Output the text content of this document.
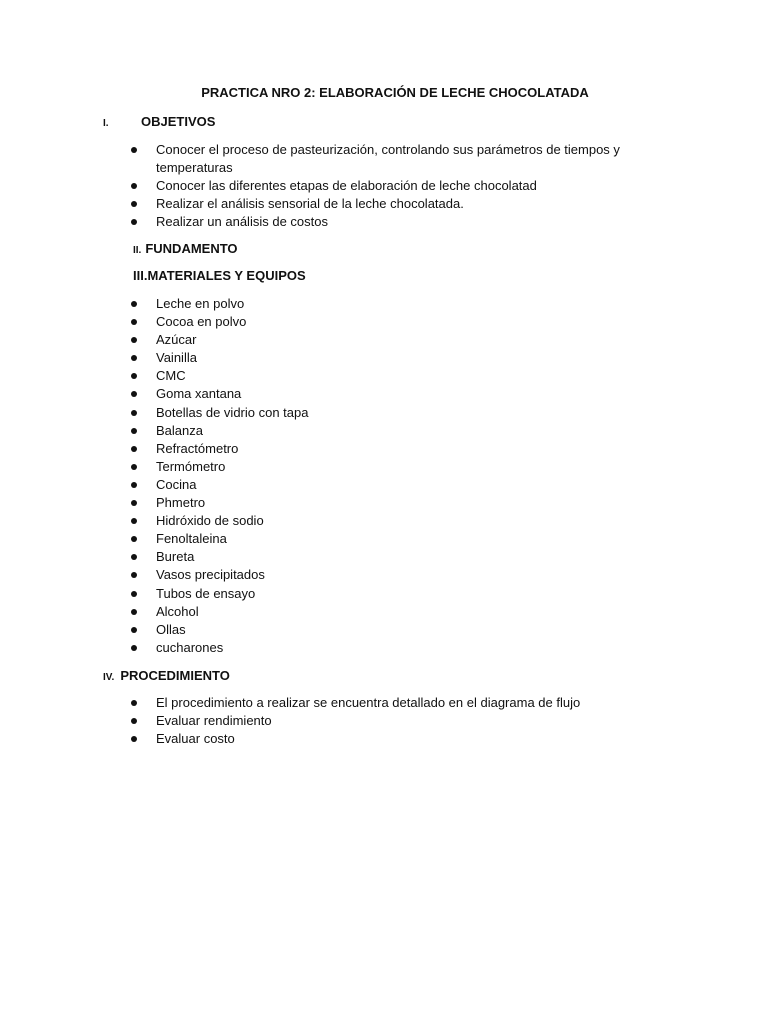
PRACTICA NRO 2: ELABORACIÓN DE LECHE CHOCOLATADA
I. OBJETIVOS
Conocer el proceso de pasteurización, controlando sus parámetros de tiempos y temperaturas
Conocer las diferentes etapas de elaboración de leche chocolatad
Realizar el análisis sensorial de la leche chocolatada.
Realizar un análisis de costos
II. FUNDAMENTO
III.MATERIALES Y EQUIPOS
Leche en polvo
Cocoa en polvo
Azúcar
Vainilla
CMC
Goma xantana
Botellas de vidrio con tapa
Balanza
Refractómetro
Termómetro
Cocina
Phmetro
Hidróxido de sodio
Fenoltaleina
Bureta
Vasos precipitados
Tubos de ensayo
Alcohol
Ollas
cucharones
IV. PROCEDIMIENTO
El procedimiento a realizar se encuentra detallado en el diagrama de flujo
Evaluar rendimiento
Evaluar costo
